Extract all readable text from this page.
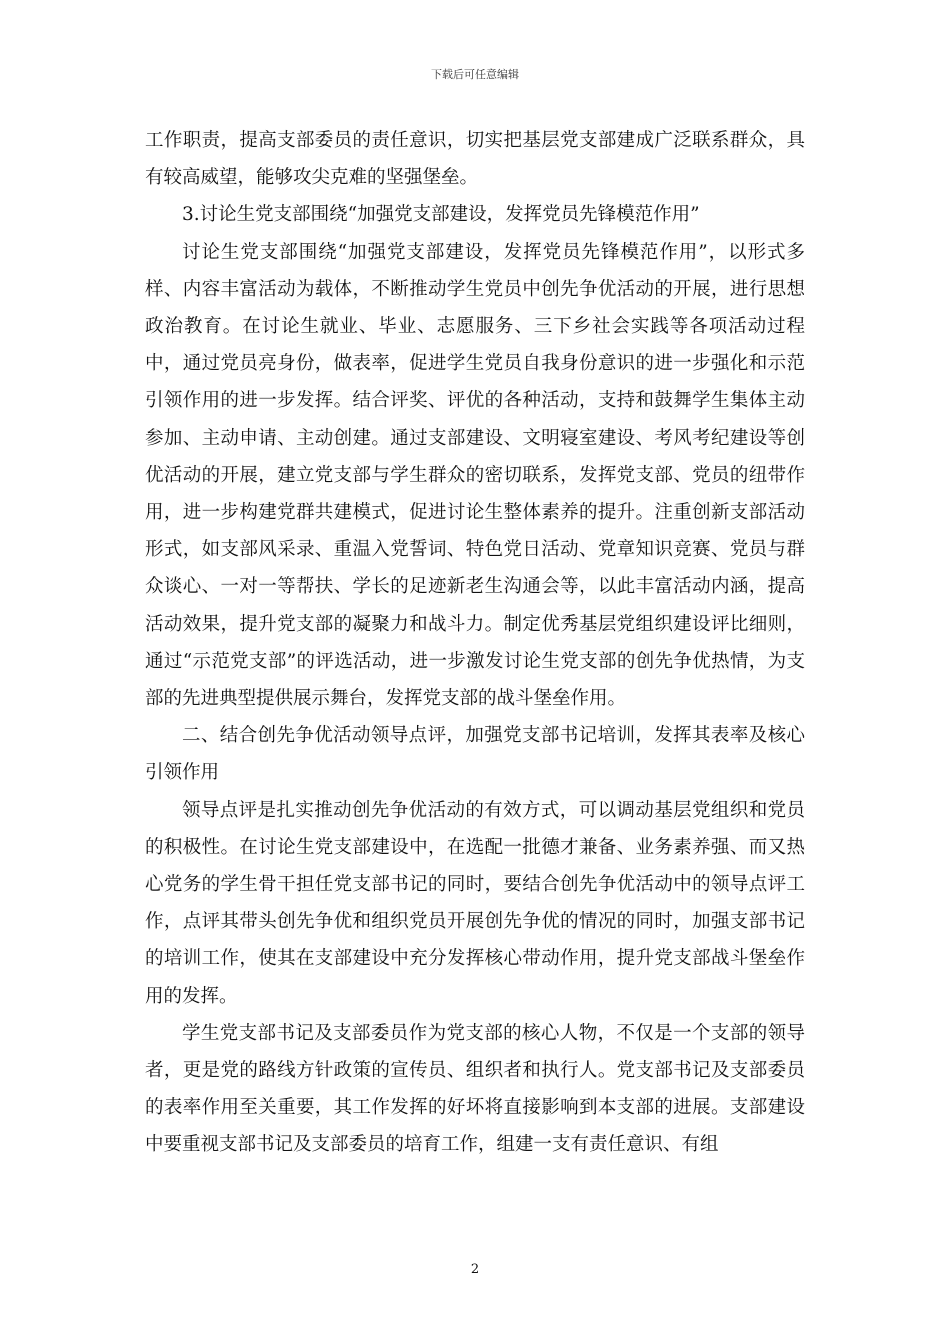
下载后可任意编辑

工作职责，提高支部委员的责任意识，切实把基层党支部建成广泛联系群众，具有较高威望，能够攻尖克难的坚强堡垒。

3.讨论生党支部围绕“加强党支部建设，发挥党员先锋模范作用”

讨论生党支部围绕“加强党支部建设，发挥党员先锋模范作用”，以形式多样、内容丰富活动为载体，不断推动学生党员中创先争优活动的开展，进行思想政治教育。在讨论生就业、毕业、志愿服务、三下乡社会实践等各项活动过程中，通过党员亮身份，做表率，促进学生党员自我身份意识的进一步强化和示范引领作用的进一步发挥。结合评奖、评优的各种活动，支持和鼓舞学生集体主动参加、主动申请、主动创建。通过支部建设、文明寝室建设、考风考纪建设等创优活动的开展，建立党支部与学生群众的密切联系，发挥党支部、党员的纽带作用，进一步构建党群共建模式，促进讨论生整体素养的提升。注重创新支部活动形式，如支部风采录、重温入党誓词、特色党日活动、党章知识竞赛、党员与群众谈心、一对一等帮扶、学长的足迹新老生沟通会等，以此丰富活动内涵，提高活动效果，提升党支部的凝聚力和战斗力。制定优秀基层党组织建设评比细则，通过“示范党支部”的评选活动，进一步激发讨论生党支部的创先争优热情，为支部的先进典型提供展示舞台，发挥党支部的战斗堡垒作用。

二、结合创先争优活动领导点评，加强党支部书记培训，发挥其表率及核心引领作用

领导点评是扎实推动创先争优活动的有效方式，可以调动基层党组织和党员的积极性。在讨论生党支部建设中，在选配一批德才兼备、业务素养强、而又热心党务的学生骨干担任党支部书记的同时，要结合创先争优活动中的领导点评工作，点评其带头创先争优和组织党员开展创先争优的情况的同时，加强支部书记的培训工作，使其在支部建设中充分发挥核心带动作用，提升党支部战斗堡垒作用的发挥。

学生党支部书记及支部委员作为党支部的核心人物，不仅是一个支部的领导者，更是党的路线方针政策的宣传员、组织者和执行人。党支部书记及支部委员的表率作用至关重要，其工作发挥的好坏将直接影响到本支部的进展。支部建设中要重视支部书记及支部委员的培育工作，组建一支有责任意识、有组

2
